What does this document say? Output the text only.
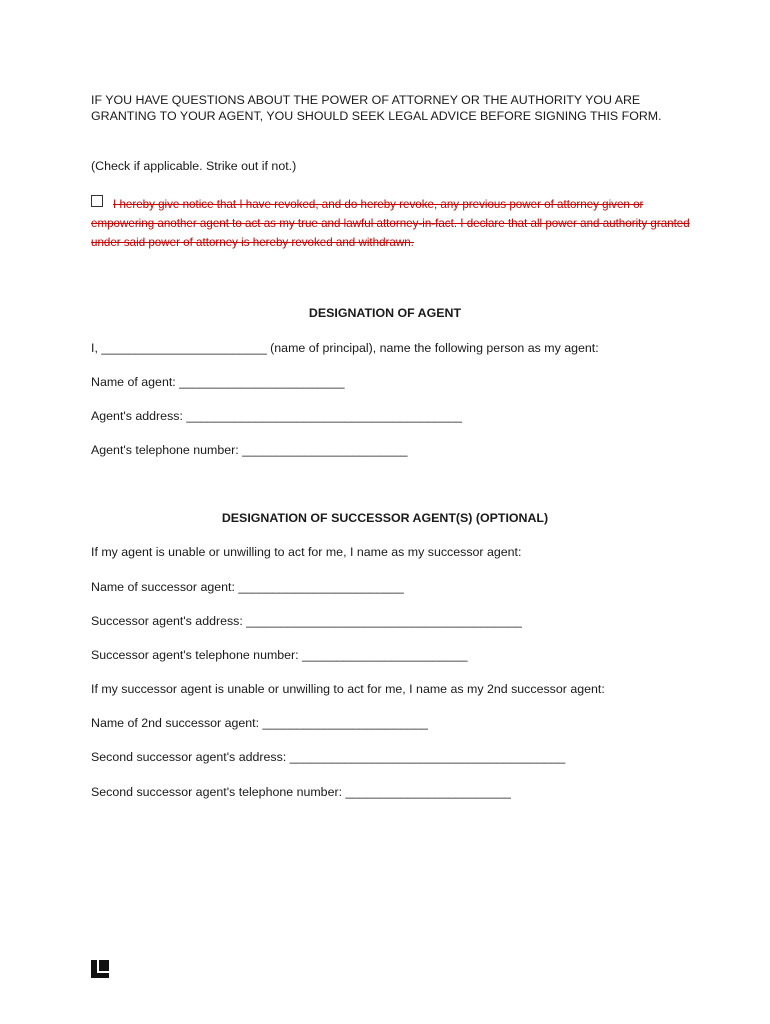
IF YOU HAVE QUESTIONS ABOUT THE POWER OF ATTORNEY OR THE AUTHORITY YOU ARE GRANTING TO YOUR AGENT, YOU SHOULD SEEK LEGAL ADVICE BEFORE SIGNING THIS FORM.
(Check if applicable. Strike out if not.)

I hereby give notice that I have revoked, and do hereby revoke, any previous power of attorney given or empowering another agent to act as my true and lawful attorney-in-fact. I declare that all power and authority granted under said power of attorney is hereby revoked and withdrawn.

DESIGNATION OF AGENT
I, ________________________ (name of principal), name the following person as my agent:
Name of agent: ________________________
Agent's address: ________________________________________
Agent's telephone number: ________________________
DESIGNATION OF SUCCESSOR AGENT(S) (OPTIONAL)
If my agent is unable or unwilling to act for me, I name as my successor agent:
Name of successor agent: ________________________
Successor agent's address: ________________________________________
Successor agent's telephone number: ________________________
If my successor agent is unable or unwilling to act for me, I name as my 2nd successor agent:
Name of 2nd successor agent: ________________________
Second successor agent's address: ________________________________________
Second successor agent's telephone number: ________________________
